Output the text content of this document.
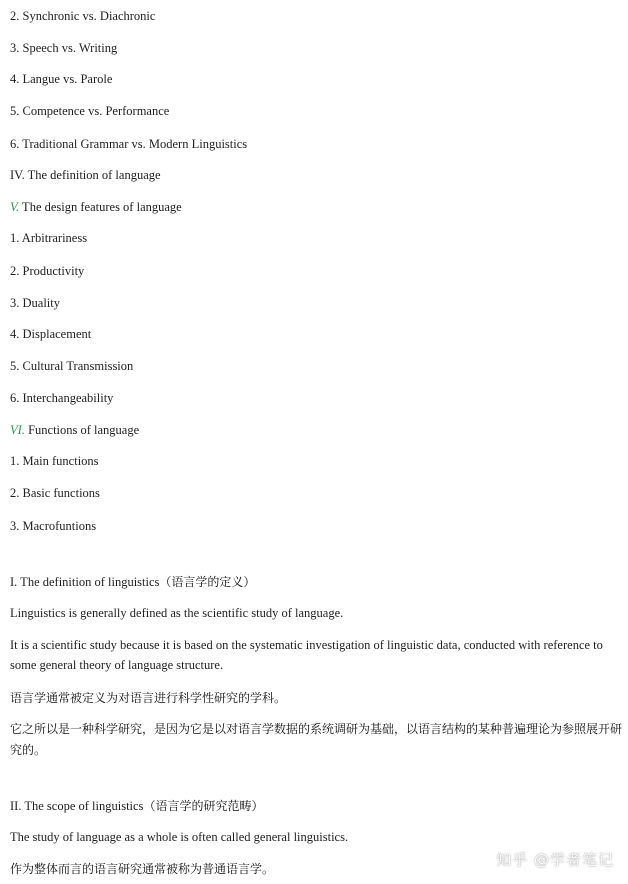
2. Synchronic vs. Diachronic
3. Speech vs. Writing
4. Langue vs. Parole
5. Competence vs. Performance
6. Traditional Grammar vs. Modern Linguistics
IV. The definition of language
V. The design features of language
1. Arbitrariness
2. Productivity
3. Duality
4. Displacement
5. Cultural Transmission
6. Interchangeability
VI. Functions of language
1. Main functions
2. Basic functions
3. Macrofuntions
I. The definition of linguistics（语言学的定义）
Linguistics is generally defined as the scientific study of language.
It is a scientific study because it is based on the systematic investigation of linguistic data, conducted with reference to some general theory of language structure.
语言学通常被定义为对语言进行科学性研究的学科。
它之所以是一种科学研究，是因为它是以对语言学数据的系统调研为基础，以语言结构的某种普遍理论为参照展开研究的。
II. The scope of linguistics（语言学的研究范畴）
The study of language as a whole is often called general linguistics.
作为整体而言的语言研究通常被称为普通语言学。	知乎 @学者笔记
